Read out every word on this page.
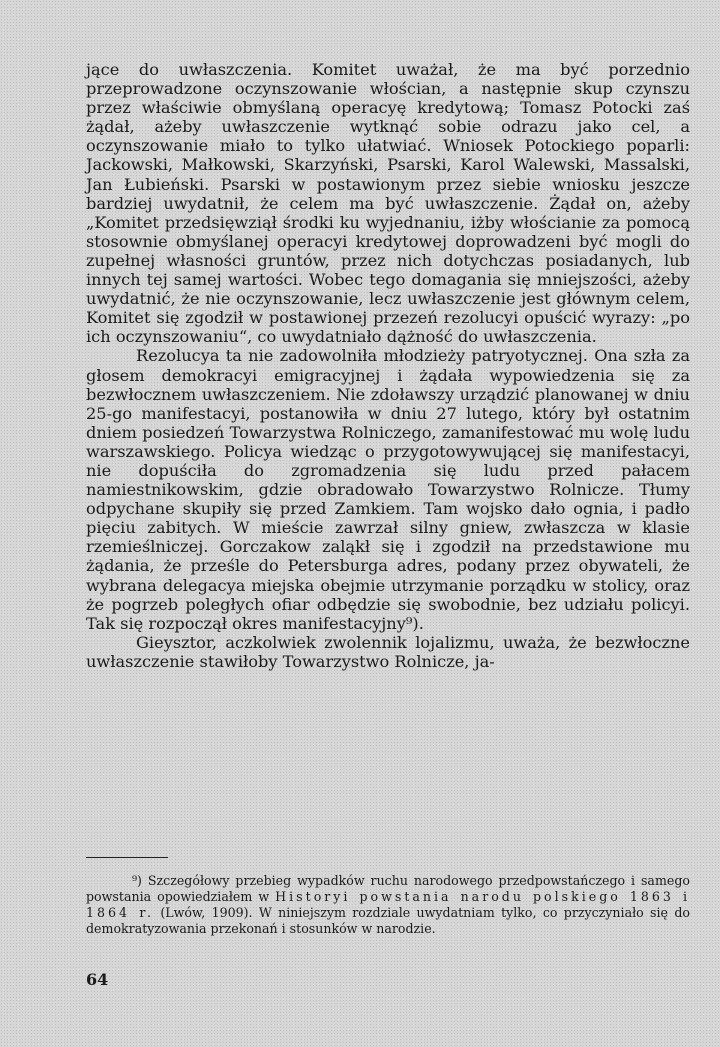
jące do uwłaszczenia. Komitet uważał, że ma być porzednio przeprowadzone oczynszowanie włościan, a następnie skup czynszu przez właściwie obmyślaną operacyę kredytową; Tomasz Potocki zaś żądał, ażeby uwłaszczenie wytknąć sobie odrazu jako cel, a oczynszowanie miało to tylko ułatwiać. Wniosek Potockiego poparli: Jackowski, Małkowski, Skarzyński, Psarski, Karol Walewski, Massalski, Jan Łubieński. Psarski w postawionym przez siebie wniosku jeszcze bardziej uwydatnił, że celem ma być uwłaszczenie. Żądał on, ażeby „Komitet przedsięwziął środki ku wyjednaniu, iżby włościanie za pomocą stosownie obmyślanej operacyi kredytowej doprowadzeni być mogli do zupełnej własności gruntów, przez nich dotychczas posiadanych, lub innych tej samej wartości. Wobec tego domagania się mniejszości, ażeby uwydatnić, że nie oczynszowanie, lecz uwłaszczenie jest głównym celem, Komitet się zgodził w postawionej przezeń rezolucyi opuścić wyrazy: „po ich oczynszowaniu“, co uwydatniało dążność do uwłaszczenia.

Rezolucya ta nie zadowolniła młodzieży patryotycznej. Ona szła za głosem demokracyi emigracyjnej i żądała wypowiedzenia się za bezwłocznem uwłaszczeniem. Nie zdoławszy urządzić planowanej w dniu 25-go manifestacyi, postanowiła w dniu 27 lutego, który był ostatnim dniem posiedzeń Towarzystwa Rolniczego, zamanifestować mu wolę ludu warszawskiego. Policya wiedząc o przygotowywującej się manifestacyi, nie dopuściła do zgromadzenia się ludu przed pałacem namiestnikowskim, gdzie obradowało Towarzystwo Rolnicze. Tłumy odpychane skupiły się przed Zamkiem. Tam wojsko dało ognia, i padło pięciu zabitych. W mieście zawrzał silny gniew, zwłaszcza w klasie rzemieślniczej. Gorczakow zaląkł się i zgodził na przedstawione mu żądania, że prześle do Petersburga adres, podany przez obywateli, że wybrana delegacya miejska obejmie utrzymanie porządku w stolicy, oraz że pogrzeb poległych ofiar odbędzie się swobodnie, bez udziału policyi. Tak się rozpoczął okres manifestacyjny⁹).

Gieysztor, aczkolwiek zwolennik lojalizmu, uważa, że bezwłoczne uwłaszczenie stawiłoby Towarzystwo Rolnicze, ja-

⁹) Szczegółowy przebieg wypadków ruchu narodowego przedpowstańczego i samego powstania opowiedziałem w Historyi powstania narodu polskiego 1863 i 1864 r. (Lwów, 1909). W niniejszym rozdziale uwydatniam tylko, co przyczyniało się do demokratyzowania przekonań i stosunków w narodzie.
64
